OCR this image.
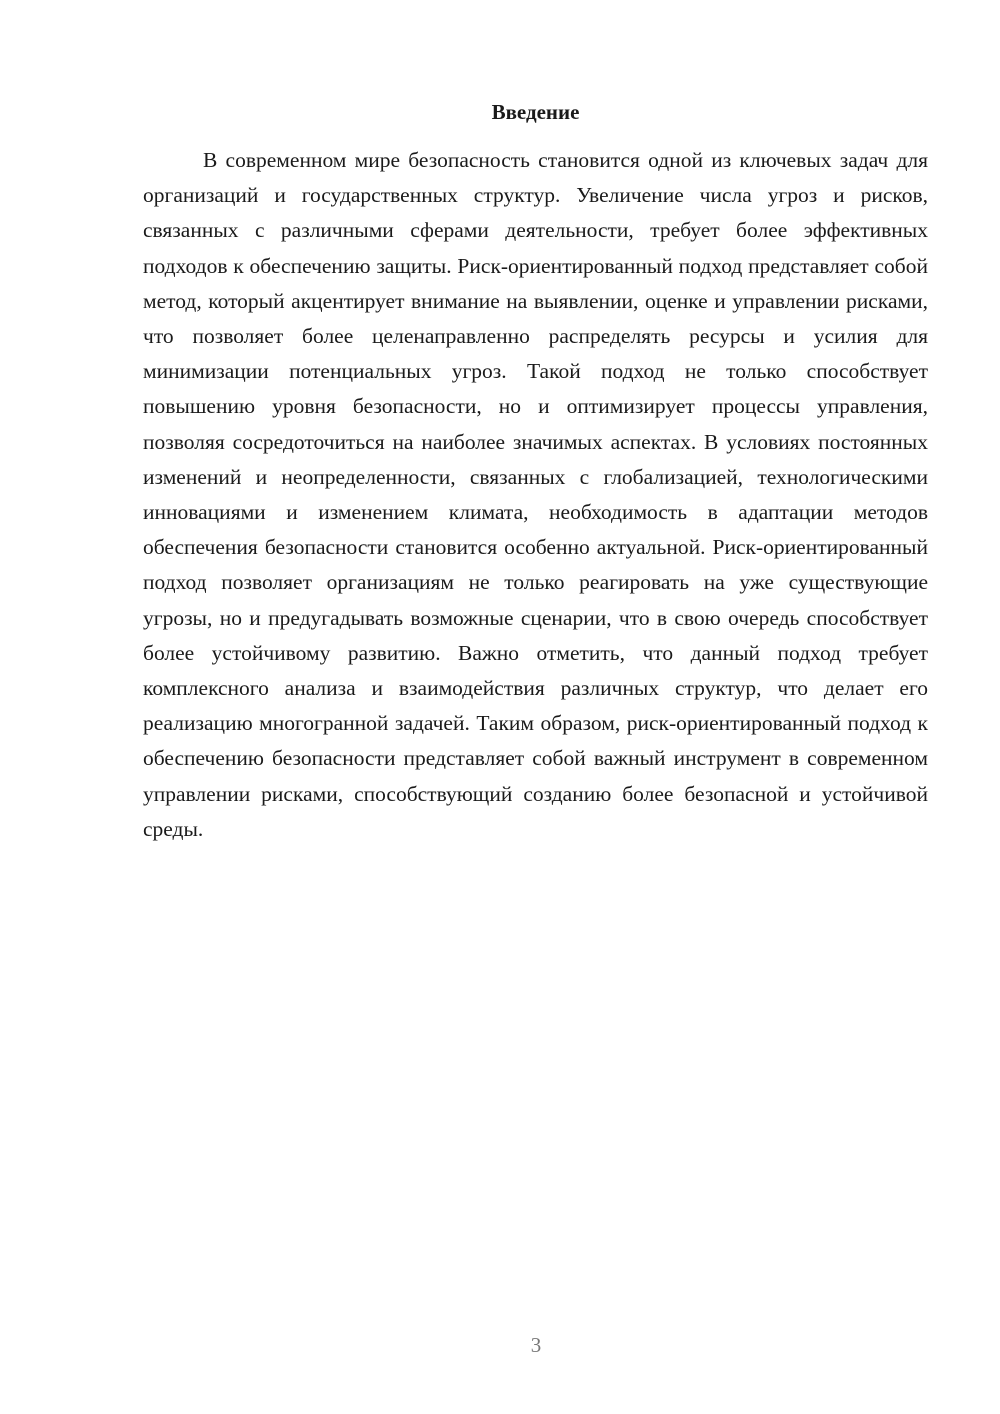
Введение

В современном мире безопасность становится одной из ключевых задач для организаций и государственных структур. Увеличение числа угроз и рисков, связанных с различными сферами деятельности, требует более эффективных подходов к обеспечению защиты. Риск-ориентированный подход представляет собой метод, который акцентирует внимание на выявлении, оценке и управлении рисками, что позволяет более целенаправленно распределять ресурсы и усилия для минимизации потенциальных угроз. Такой подход не только способствует повышению уровня безопасности, но и оптимизирует процессы управления, позволяя сосредоточиться на наиболее значимых аспектах. В условиях постоянных изменений и неопределенности, связанных с глобализацией, технологическими инновациями и изменением климата, необходимость в адаптации методов обеспечения безопасности становится особенно актуальной. Риск-ориентированный подход позволяет организациям не только реагировать на уже существующие угрозы, но и предугадывать возможные сценарии, что в свою очередь способствует более устойчивому развитию. Важно отметить, что данный подход требует комплексного анализа и взаимодействия различных структур, что делает его реализацию многогранной задачей. Таким образом, риск-ориентированный подход к обеспечению безопасности представляет собой важный инструмент в современном управлении рисками, способствующий созданию более безопасной и устойчивой среды.

3
